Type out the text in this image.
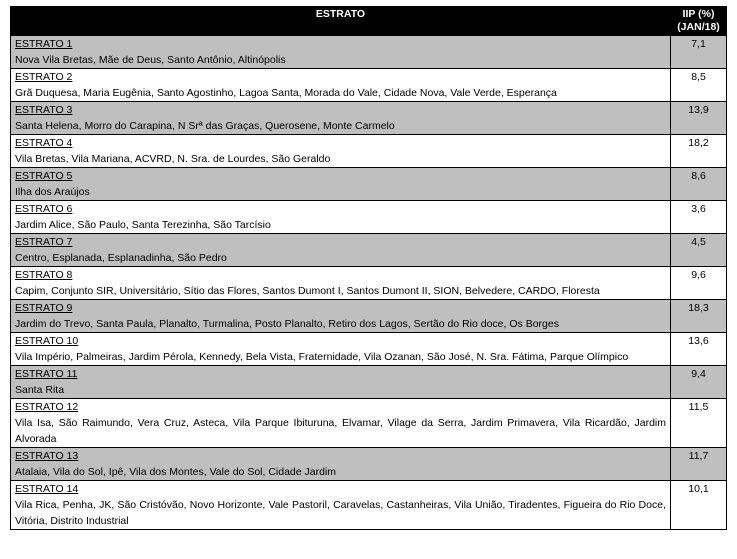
ESTRATO	IIP (%)
(JAN/18)

ESTRATO 1
Nova Vila Bretas, Mãe de Deus, Santo Antônio, Altinópolis	7,1

ESTRATO 2
Grã Duquesa, Maria Eugênia, Santo Agostinho, Lagoa Santa, Morada do Vale, Cidade Nova, Vale Verde, Esperança	8,5

ESTRATO 3
Santa Helena, Morro do Carapina, N Srª das Graças, Querosene, Monte Carmelo	13,9

ESTRATO 4
Vila Bretas, Vila Mariana, ACVRD, N. Sra. de Lourdes, São Geraldo	18,2

ESTRATO 5
Ilha dos Araújos	8,6

ESTRATO 6
Jardim Alice, São Paulo, Santa Terezinha, São Tarcísio	3,6

ESTRATO 7
Centro, Esplanada, Esplanadinha, São Pedro	4,5

ESTRATO 8
Capim, Conjunto SIR, Universitário, Sítio das Flores, Santos Dumont I, Santos Dumont II, SION, Belvedere, CARDO, Floresta	9,6

ESTRATO 9
Jardim do Trevo, Santa Paula, Planalto, Turmalina, Posto Planalto, Retiro dos Lagos, Sertão do Rio doce, Os Borges	18,3

ESTRATO 10
Vila Império, Palmeiras, Jardim Pérola, Kennedy, Bela Vista, Fraternidade, Vila Ozanan, São José, N. Sra. Fátima, Parque Olímpico	13,6

ESTRATO 11
Santa Rita	9,4

ESTRATO 12
Vila Isa, São Raimundo, Vera Cruz, Asteca, Vila Parque Ibituruna, Elvamar, Vilage da Serra, Jardim Primavera, Vila Ricardão, Jardim Alvorada	11,5

ESTRATO 13
Atalaia, Vila do Sol, Ipê, Vila dos Montes, Vale do Sol, Cidade Jardim	11,7

ESTRATO 14
Vila Rica, Penha, JK, São Cristóvão, Novo Horizonte, Vale Pastoril, Caravelas, Castanheiras, Vila União, Tiradentes, Figueira do Rio Doce, Vitória, Distrito Industrial	10,1
